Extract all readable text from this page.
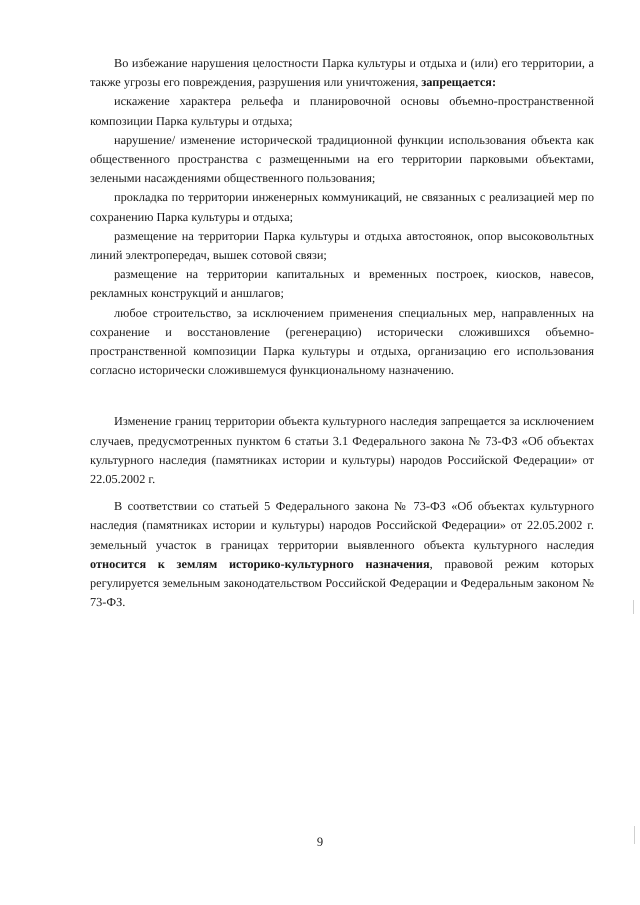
Во избежание нарушения целостности Парка культуры и отдыха и (или) его территории, а также угрозы его повреждения, разрушения или уничтожения, запрещается:

искажение характера рельефа и планировочной основы объемно-пространственной композиции Парка культуры и отдыха;

нарушение/ изменение исторической традиционной функции использования объекта как общественного пространства с размещенными на его территории парковыми объектами, зелеными насаждениями общественного пользования;

прокладка по территории инженерных коммуникаций, не связанных с реализацией мер по сохранению Парка культуры и отдыха;

размещение на территории Парка культуры и отдыха автостоянок, опор высоковольтных линий электропередач, вышек сотовой связи;

размещение на территории капитальных и временных построек, киосков, навесов, рекламных конструкций и аншлагов;

любое строительство, за исключением применения специальных мер, направленных на сохранение и восстановление (регенерацию) исторически сложившихся объемно-пространственной композиции Парка культуры и отдыха, организацию его использования согласно исторически сложившемуся функциональному назначению.

Изменение границ территории объекта культурного наследия запрещается за исключением случаев, предусмотренных пунктом 6 статьи 3.1 Федерального закона № 73-ФЗ «Об объектах культурного наследия (памятниках истории и культуры) народов Российской Федерации» от 22.05.2002 г.

В соответствии со статьей 5 Федерального закона № 73-ФЗ «Об объектах культурного наследия (памятниках истории и культуры) народов Российской Федерации» от 22.05.2002 г. земельный участок в границах территории выявленного объекта культурного наследия относится к землям историко-культурного назначения, правовой режим которых регулируется земельным законодательством Российской Федерации и Федеральным законом № 73-ФЗ.

9
